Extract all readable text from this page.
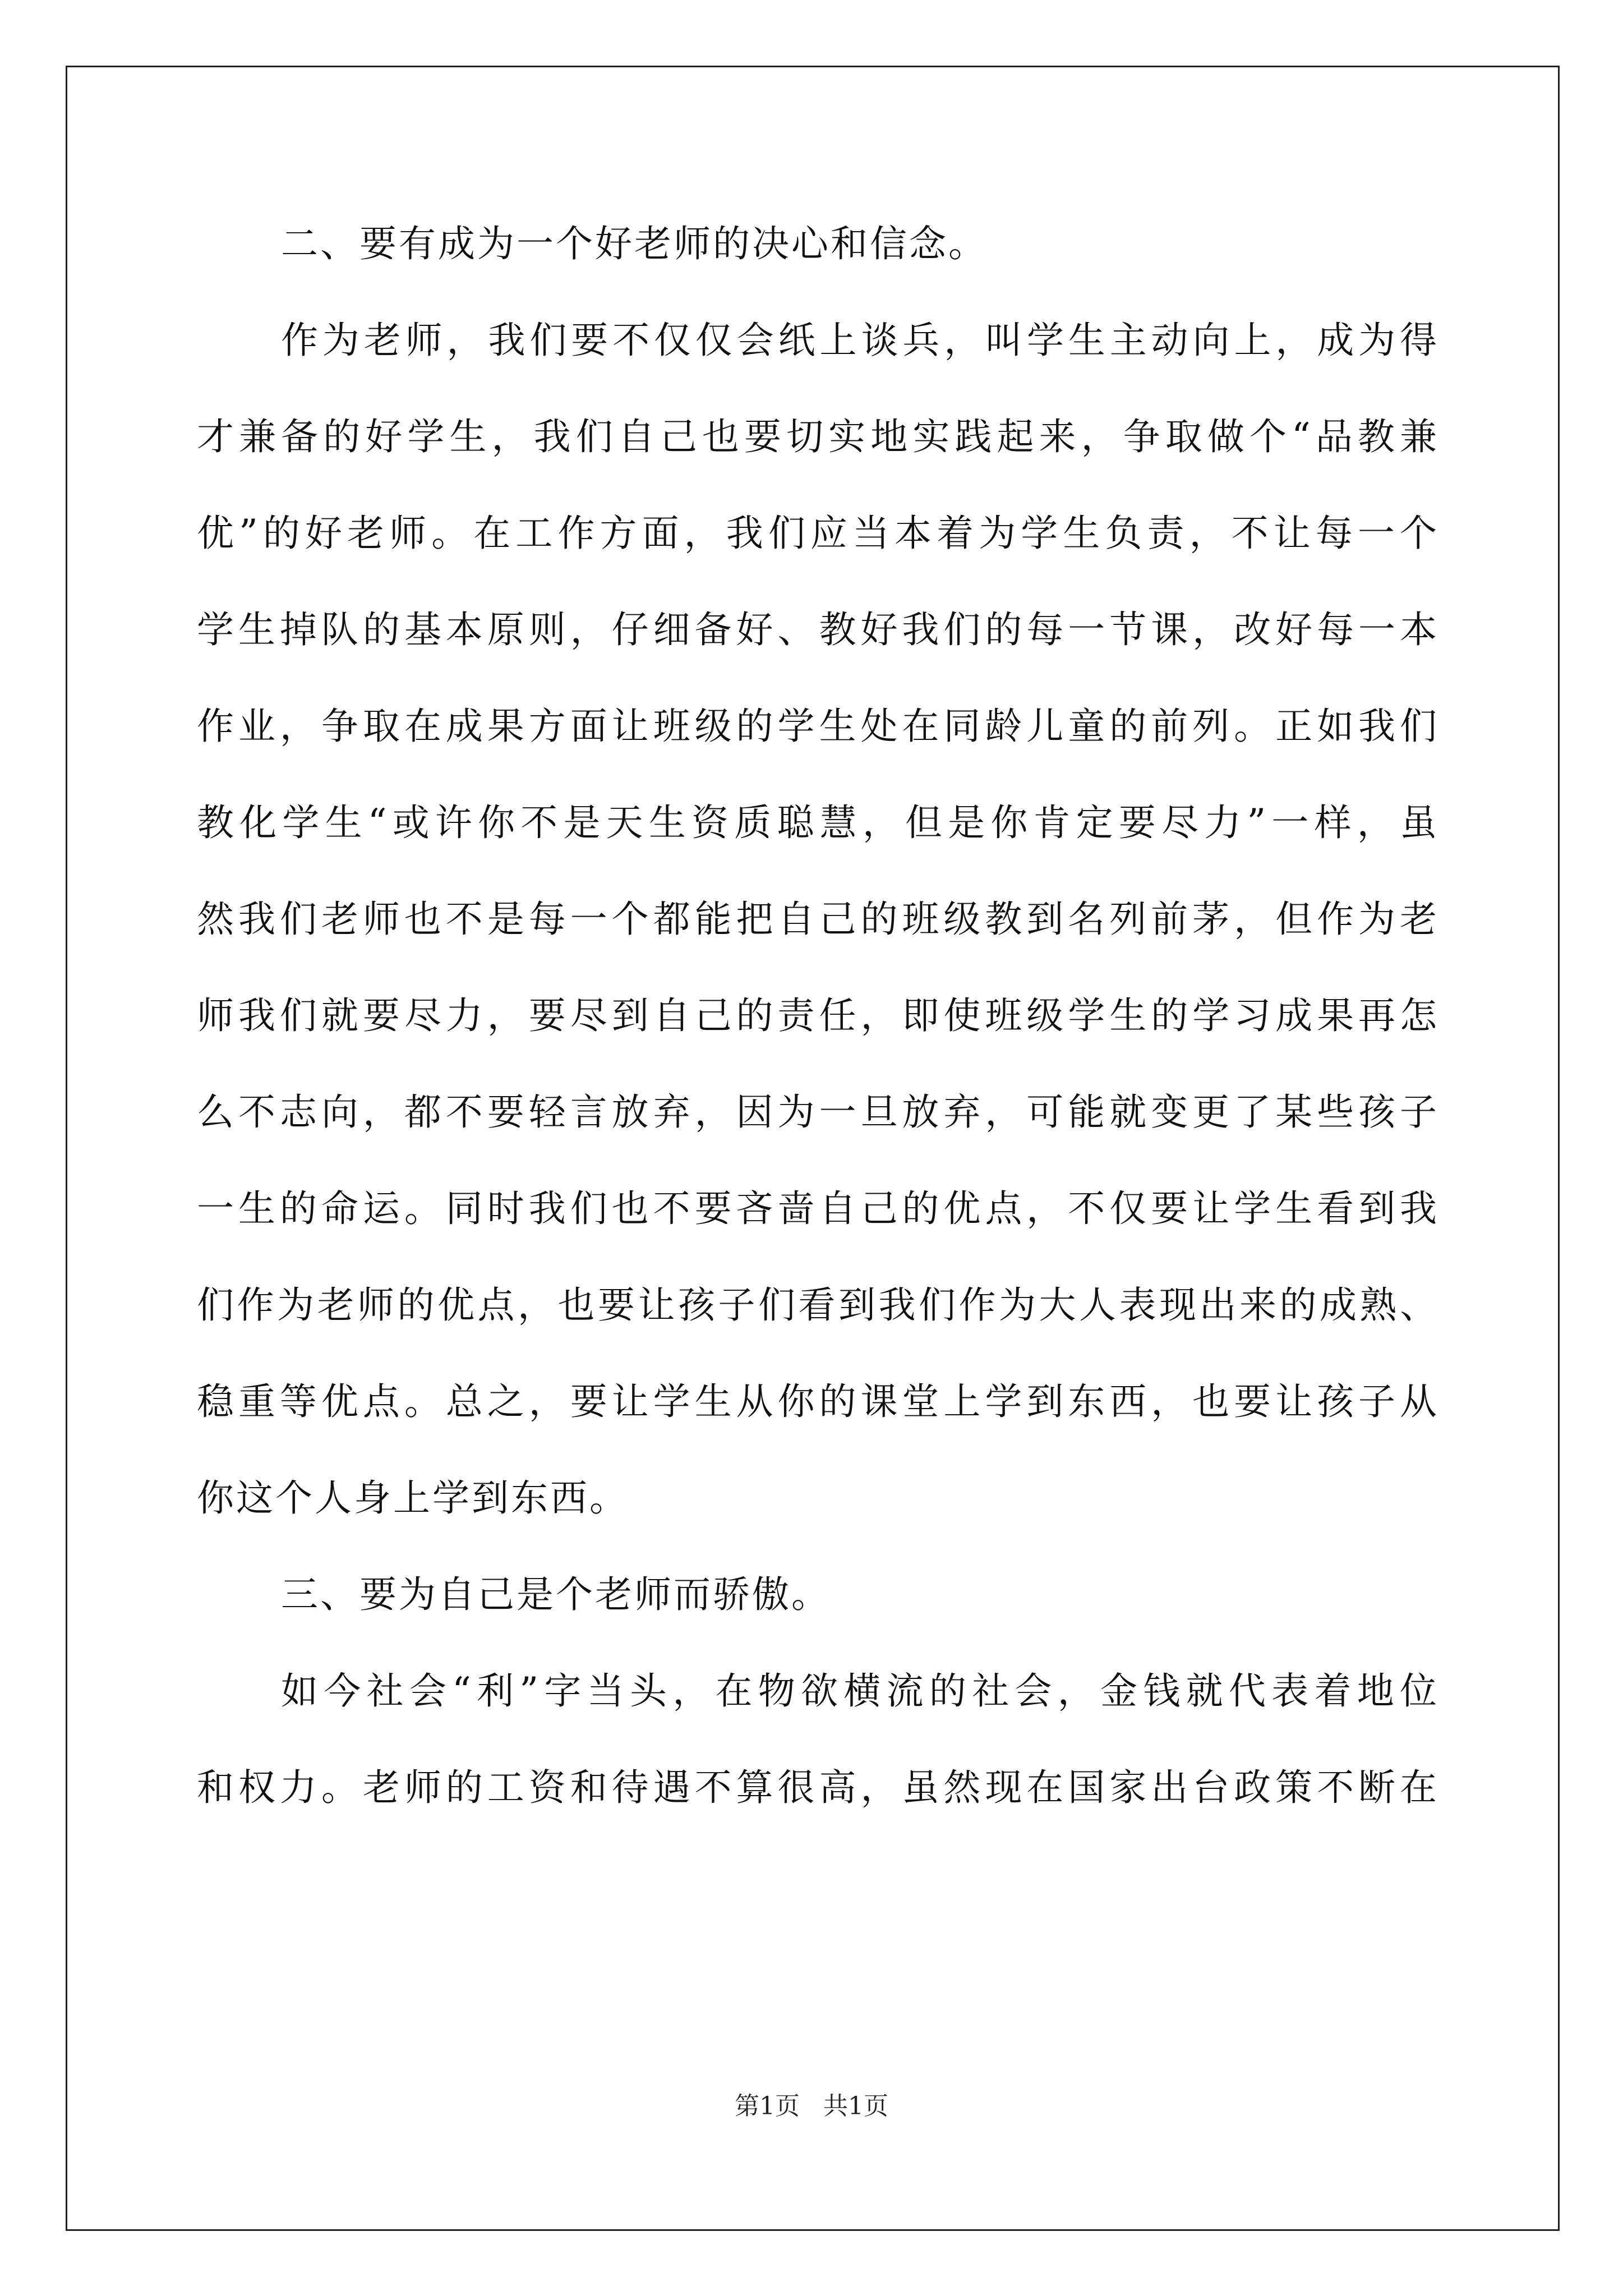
二、要有成为一个好老师的决心和信念。
作为老师，我们要不仅仅会纸上谈兵，叫学生主动向上，成为得
才兼备的好学生，我们自己也要切实地实践起来，争取做个“品教兼
优”的好老师。在工作方面，我们应当本着为学生负责，不让每一个
学生掉队的基本原则，仔细备好、教好我们的每一节课，改好每一本
作业，争取在成果方面让班级的学生处在同龄儿童的前列。正如我们
教化学生“或许你不是天生资质聪慧，但是你肯定要尽力”一样，虽
然我们老师也不是每一个都能把自己的班级教到名列前茅，但作为老
师我们就要尽力，要尽到自己的责任，即使班级学生的学习成果再怎
么不志向，都不要轻言放弃，因为一旦放弃，可能就变更了某些孩子
一生的命运。同时我们也不要吝啬自己的优点，不仅要让学生看到我
们作为老师的优点，也要让孩子们看到我们作为大人表现出来的成熟、
稳重等优点。总之，要让学生从你的课堂上学到东西，也要让孩子从
你这个人身上学到东西。
三、要为自己是个老师而骄傲。
如今社会“利”字当头，在物欲横流的社会，金钱就代表着地位
和权力。老师的工资和待遇不算很高，虽然现在国家出台政策不断在
第1页 共1页
